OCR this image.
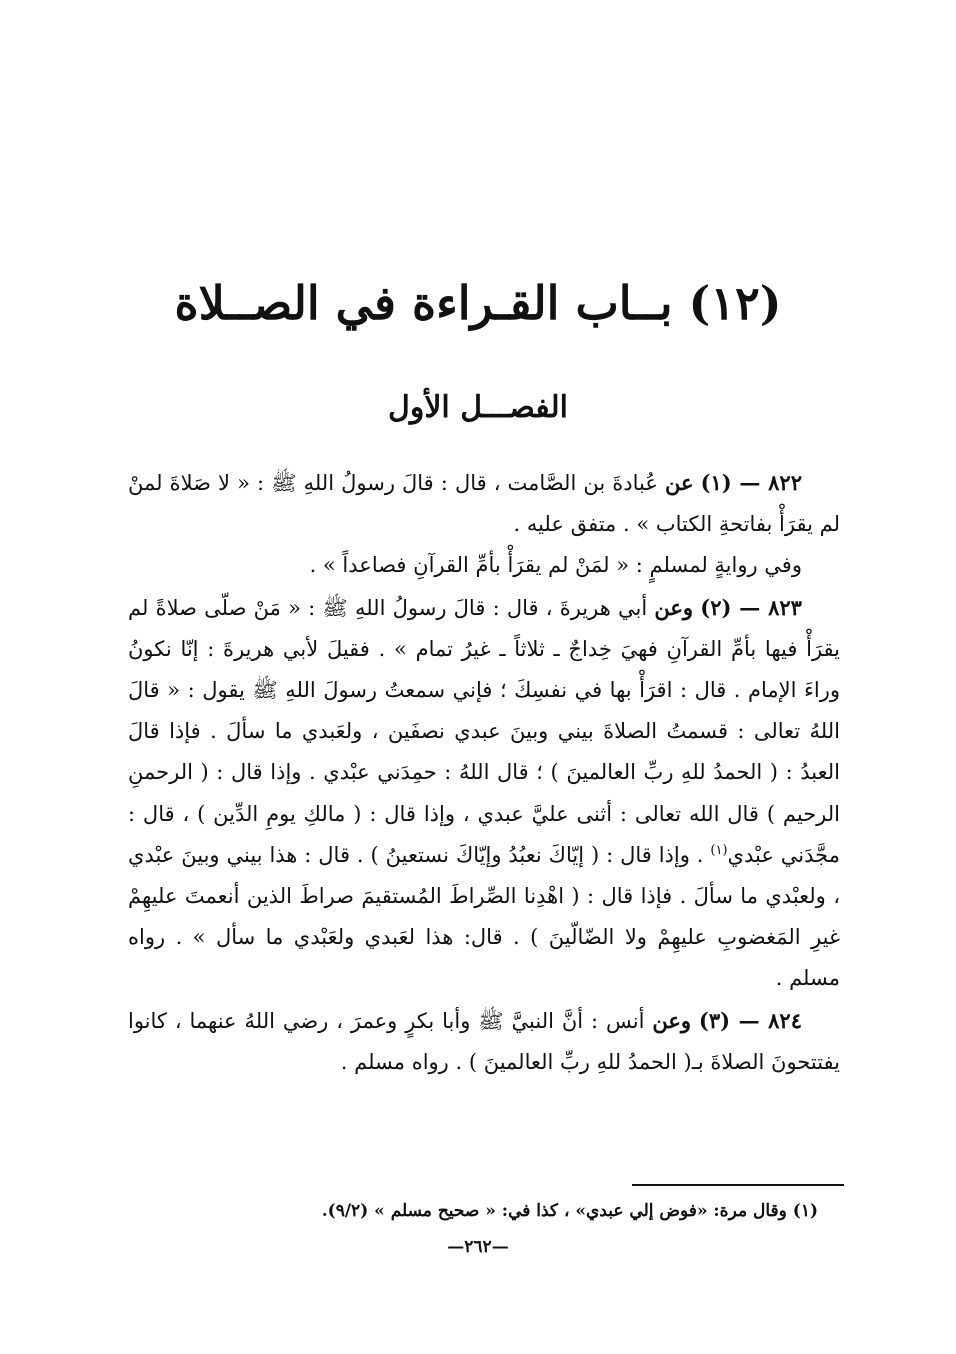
(١٢) بــاب القـراءة في الصــلاة
الفصـــل الأول

٨٢٢ — (١) عن عُبادةَ بن الصَّامت ، قال : قالَ رسولُ اللهِ ﷺ : « لا صَلاةَ لمنْ لم يقرَأْ بفاتحةِ الكتاب » . متفق عليه .

وفي روايةٍ لمسلمٍ : « لمَنْ لم يقرَأْ بأمِّ القرآنِ فصاعداً » .

٨٢٣ — (٢) وعن أبي هريرةَ ، قال : قالَ رسولُ اللهِ ﷺ : « مَنْ صلّى صلاةً لم يقرَأْ فيها بأمِّ القرآنِ فهيَ خِداجٌ ـ ثلاثاً ـ غيرُ تمام » . فقيلَ لأبي هريرةَ : إنّا نكونُ وراءَ الإمام . قال : اقرَأْ بها في نفسِكَ ؛ فإني سمعتُ رسولَ اللهِ ﷺ يقول : « قالَ اللهُ تعالى : قسمتُ الصلاةَ بيني وبينَ عبدي نصفَين ، ولعَبدي ما سألَ . فإذا قالَ العبدُ : ( الحمدُ للهِ ربِّ العالمينَ ) ؛ قال اللهُ : حمِدَني عبْدي . وإذا قال : ( الرحمنِ الرحيم ) قال الله تعالى : أثنى عليَّ عبدي ، وإذا قال : ( مالكِ يومِ الدِّين ) ، قال : مجَّدَني عبْدي$^{(١)}$ . وإذا قال : ( إيّاكَ نعبُدُ وإيّاكَ نستعينُ ) . قال : هذا بيني وبينَ عبْدي ، ولعبْدي ما سألَ . فإذا قال : ( اهْدِنا الصِّراطَ المُستقيمَ صراطَ الذين أنعمتَ عليهِمْ غيرِ المَغضوبِ عليهِمْ ولا الضّالّينَ ) . قال: هذا لعَبدي ولعَبْدي ما سأل » . رواه مسلم .

٨٢٤ — (٣) وعن أنس : أنَّ النبيَّ ﷺ وأبا بكرٍ وعمرَ ، رضي اللهُ عنهما ، كانوا يفتتحونَ الصلاةَ بـ( الحمدُ للهِ ربِّ العالمينَ ) . رواه مسلم .

(١) وقال مرة: «فوض إلي عبدي» ، كذا في: « صحيح مسلم » (٩/٢).
—٢٦٢—
